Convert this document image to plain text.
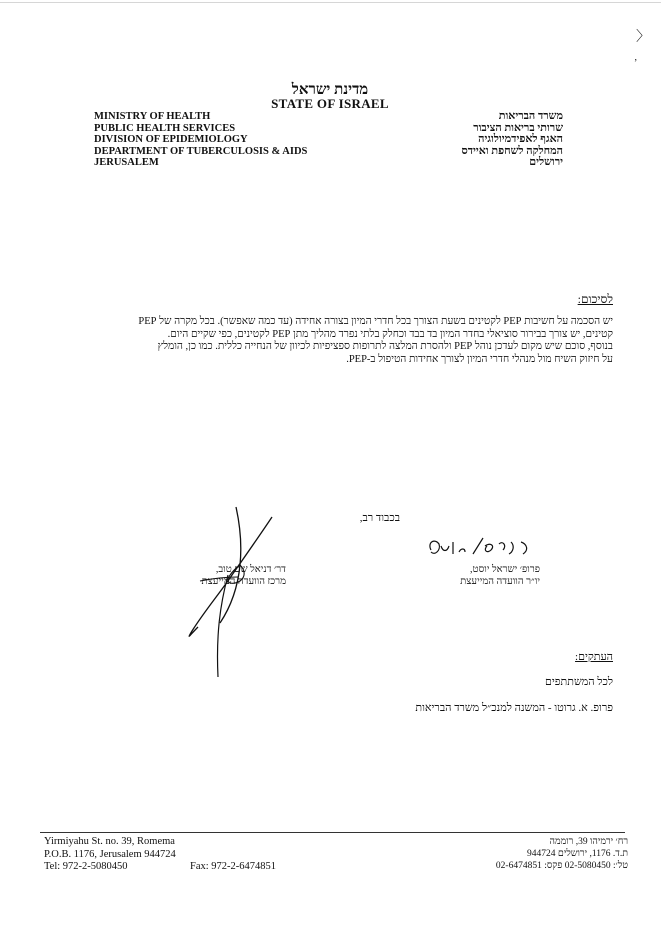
〉
’
מדינת ישראל
STATE OF ISRAEL
MINISTRY OF HEALTH
PUBLIC HEALTH SERVICES
DIVISION OF EPIDEMIOLOGY
DEPARTMENT OF TUBERCULOSIS & AIDS
JERUSALEM
משרד הבריאות
שרותי בריאות הציבור
האגף לאפידמיולוגיה
המחלקה לשחפת ואיידס
ירושלים
לסיכום:
יש הסכמה על חשיבות PEP לקטינים בשעת הצורך בכל חדרי המיון בצורה אחידה (עד כמה שאפשר). בכל מקרה של PEP
קטינים, יש צורך בבירור סוציאלי בחדר המיון בד בבד וכחלק בלתי נפרד מהליך מתן PEP לקטינים, כפי שקיים היום.
בנוסף, סוכם שיש מקום לעדכן נוהל PEP ולהסרת המלצה לתרופות ספציפיות לכיוון של הנחייה כללית. כמו כן, הומלץ
על חיזוק השיח מול מנהלי חדרי המיון לצורך אחידות הטיפול ב-PEP.
בכבוד רב,
דר׳ דניאל שם טוב,
מרכז הוועדה המייעצת
פרופ׳ ישראל יוסט,
יו״ר הוועדה המייעצת
העתקים:
לכל המשתתפים
פרופ. א. גרוטו - המשנה למנכ״ל משרד הבריאות
Yirmiyahu St. no. 39, Romema
P.O.B. 1176, Jerusalem 944724
Tel: 972-2-5080450	Fax: 972-2-6474851
רח׳ ירמיהו 39, רוממה
ת.ד. 1176, ירושלים 944724
טל׳: 02-5080450 פקס: 02-6474851
